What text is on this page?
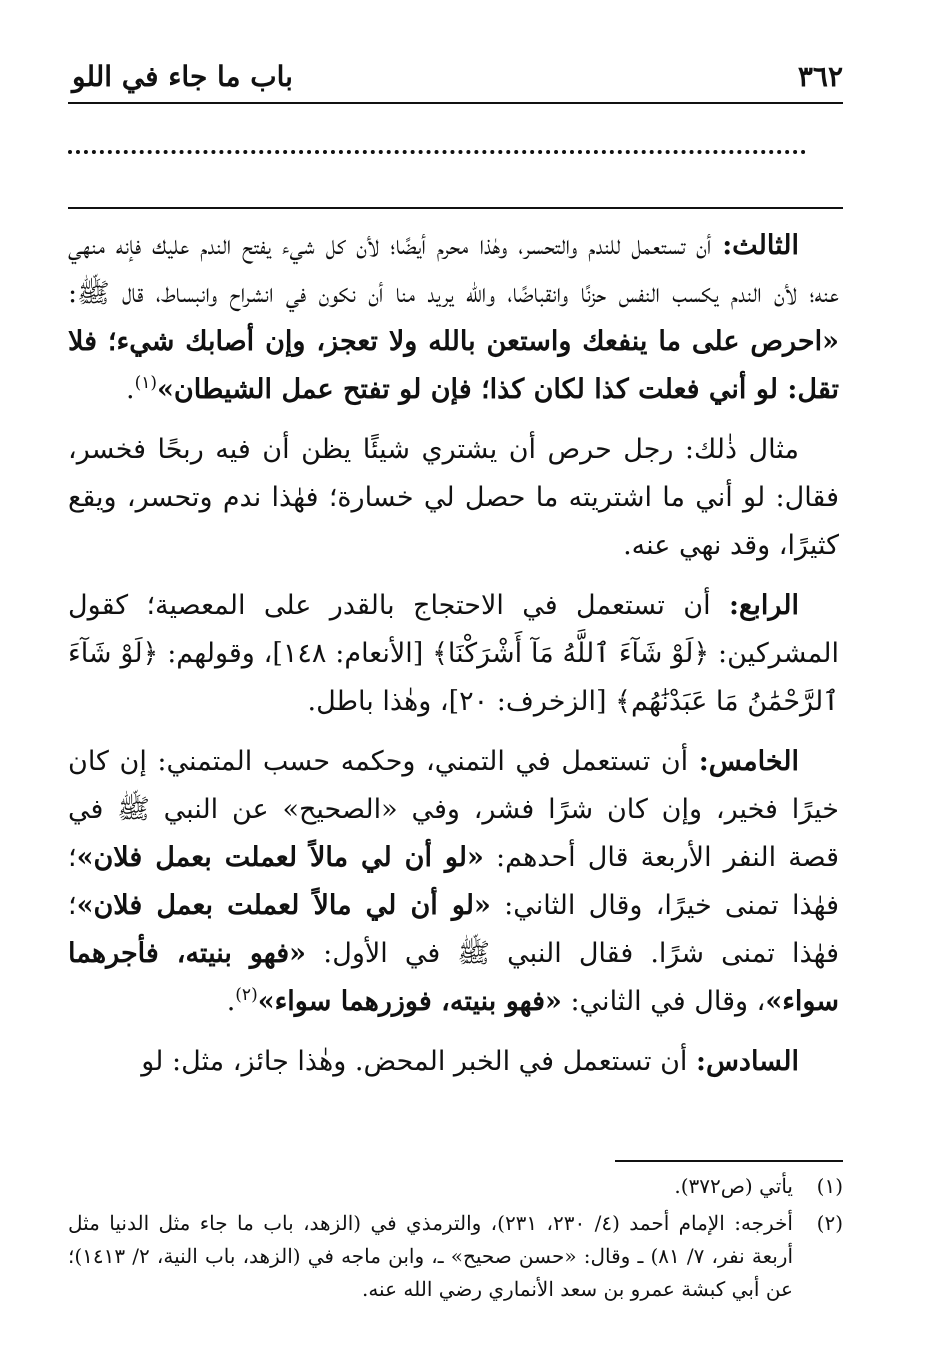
٣٦٢
باب ما جاء في اللو

الثالث: أن تستعمل للندم والتحسر، وهٰذا محرم أيضًا؛ لأن كل شيء يفتح الندم عليك فإنه منهي عنه؛ لأن الندم يكسب النفس حزنًا وانقباضًا، والله يريد منا أن نكون في انشراح وانبساط، قال ﷺ: «احرص على ما ينفعك واستعن بالله ولا تعجز، وإن أصابك شيء؛ فلا تقل: لو أني فعلت كذا لكان كذا؛ فإن لو تفتح عمل الشيطان»$^{(١)}$.

مثال ذٰلك: رجل حرص أن يشتري شيئًا يظن أن فيه ربحًا فخسر، فقال: لو أني ما اشتريته ما حصل لي خسارة؛ فهٰذا ندم وتحسر، ويقع كثيرًا، وقد نهي عنه.

الرابع: أن تستعمل في الاحتجاج بالقدر على المعصية؛ كقول المشركين: ﴿لَوْ شَآءَ ٱللَّهُ مَآ أَشْرَكْنَا﴾ [الأنعام: ١٤٨]، وقولهم: ﴿لَوْ شَآءَ ٱلرَّحْمَٰنُ مَا عَبَدْنَٰهُم﴾ [الزخرف: ٢٠]، وهٰذا باطل.

الخامس: أن تستعمل في التمني، وحكمه حسب المتمني: إن كان خيرًا فخير، وإن كان شرًا فشر، وفي «الصحيح» عن النبي ﷺ في قصة النفر الأربعة قال أحدهم: «لو أن لي مالاً لعملت بعمل فلان»؛ فهٰذا تمنى خيرًا، وقال الثاني: «لو أن لي مالاً لعملت بعمل فلان»؛ فهٰذا تمنى شرًا. فقال النبي ﷺ في الأول: «فهو بنيته، فأجرهما سواء»، وقال في الثاني: «فهو بنيته، فوزرهما سواء»$^{(٢)}$.

السادس: أن تستعمل في الخبر المحض. وهٰذا جائز، مثل: لو

(١)
يأتي (ص٣٧٢).
(٢)
أخرجه: الإمام أحمد (٤/ ٢٣٠، ٢٣١)، والترمذي في (الزهد، باب ما جاء مثل الدنيا مثل أربعة نفر، ٧/ ٨١) ـ وقال: «حسن صحيح» ـ، وابن ماجه في (الزهد، باب النية، ٢/ ١٤١٣)؛ عن أبي كبشة عمرو بن سعد الأنماري رضي الله عنه.
